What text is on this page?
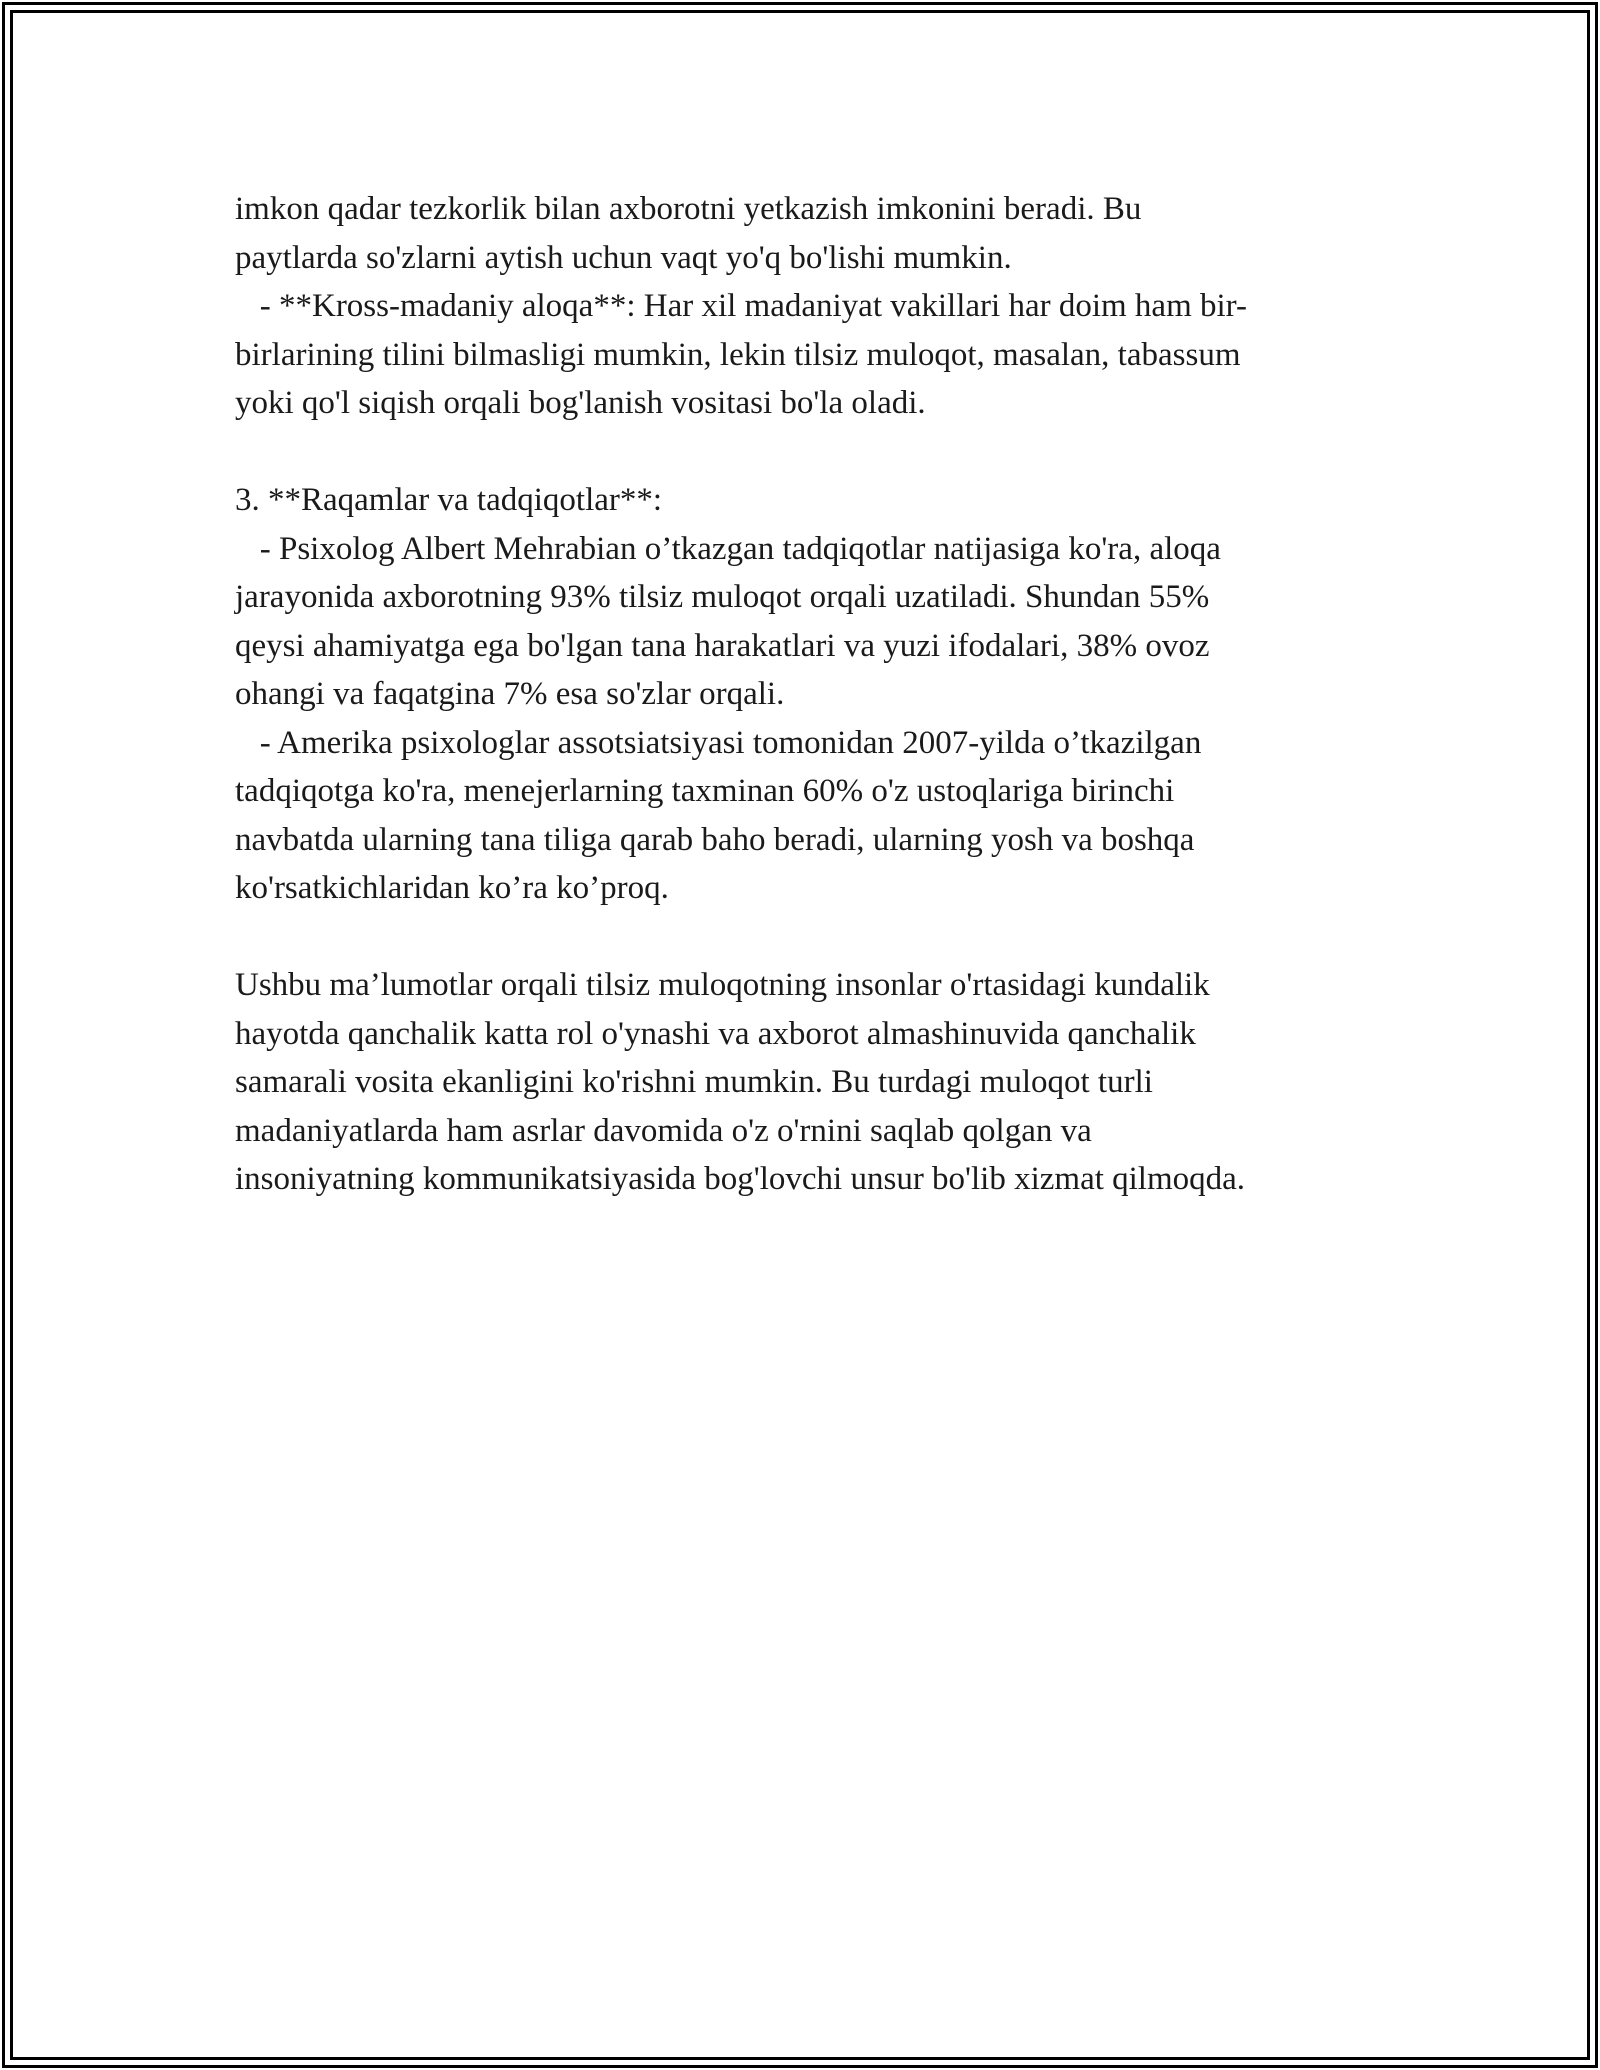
imkon qadar tezkorlik bilan axborotni yetkazish imkonini beradi. Bu
paytlarda so'zlarni aytish uchun vaqt yo'q bo'lishi mumkin.
- **Kross-madaniy aloqa**: Har xil madaniyat vakillari har doim ham bir-
birlarining tilini bilmasligi mumkin, lekin tilsiz muloqot, masalan, tabassum
yoki qo'l siqish orqali bog'lanish vositasi bo'la oladi.
3. **Raqamlar va tadqiqotlar**:
- Psixolog Albert Mehrabian o’tkazgan tadqiqotlar natijasiga ko'ra, aloqa
jarayonida axborotning 93% tilsiz muloqot orqali uzatiladi. Shundan 55%
qeysi ahamiyatga ega bo'lgan tana harakatlari va yuzi ifodalari, 38% ovoz
ohangi va faqatgina 7% esa so'zlar orqali.
- Amerika psixologlar assotsiatsiyasi tomonidan 2007-yilda o’tkazilgan
tadqiqotga ko'ra, menejerlarning taxminan 60% o'z ustoqlariga birinchi
navbatda ularning tana tiliga qarab baho beradi, ularning yosh va boshqa
ko'rsatkichlaridan ko’ra ko’proq.
Ushbu ma’lumotlar orqali tilsiz muloqotning insonlar o'rtasidagi kundalik
hayotda qanchalik katta rol o'ynashi va axborot almashinuvida qanchalik
samarali vosita ekanligini ko'rishni mumkin. Bu turdagi muloqot turli
madaniyatlarda ham asrlar davomida o'z o'rnini saqlab qolgan va
insoniyatning kommunikatsiyasida bog'lovchi unsur bo'lib xizmat qilmoqda.
